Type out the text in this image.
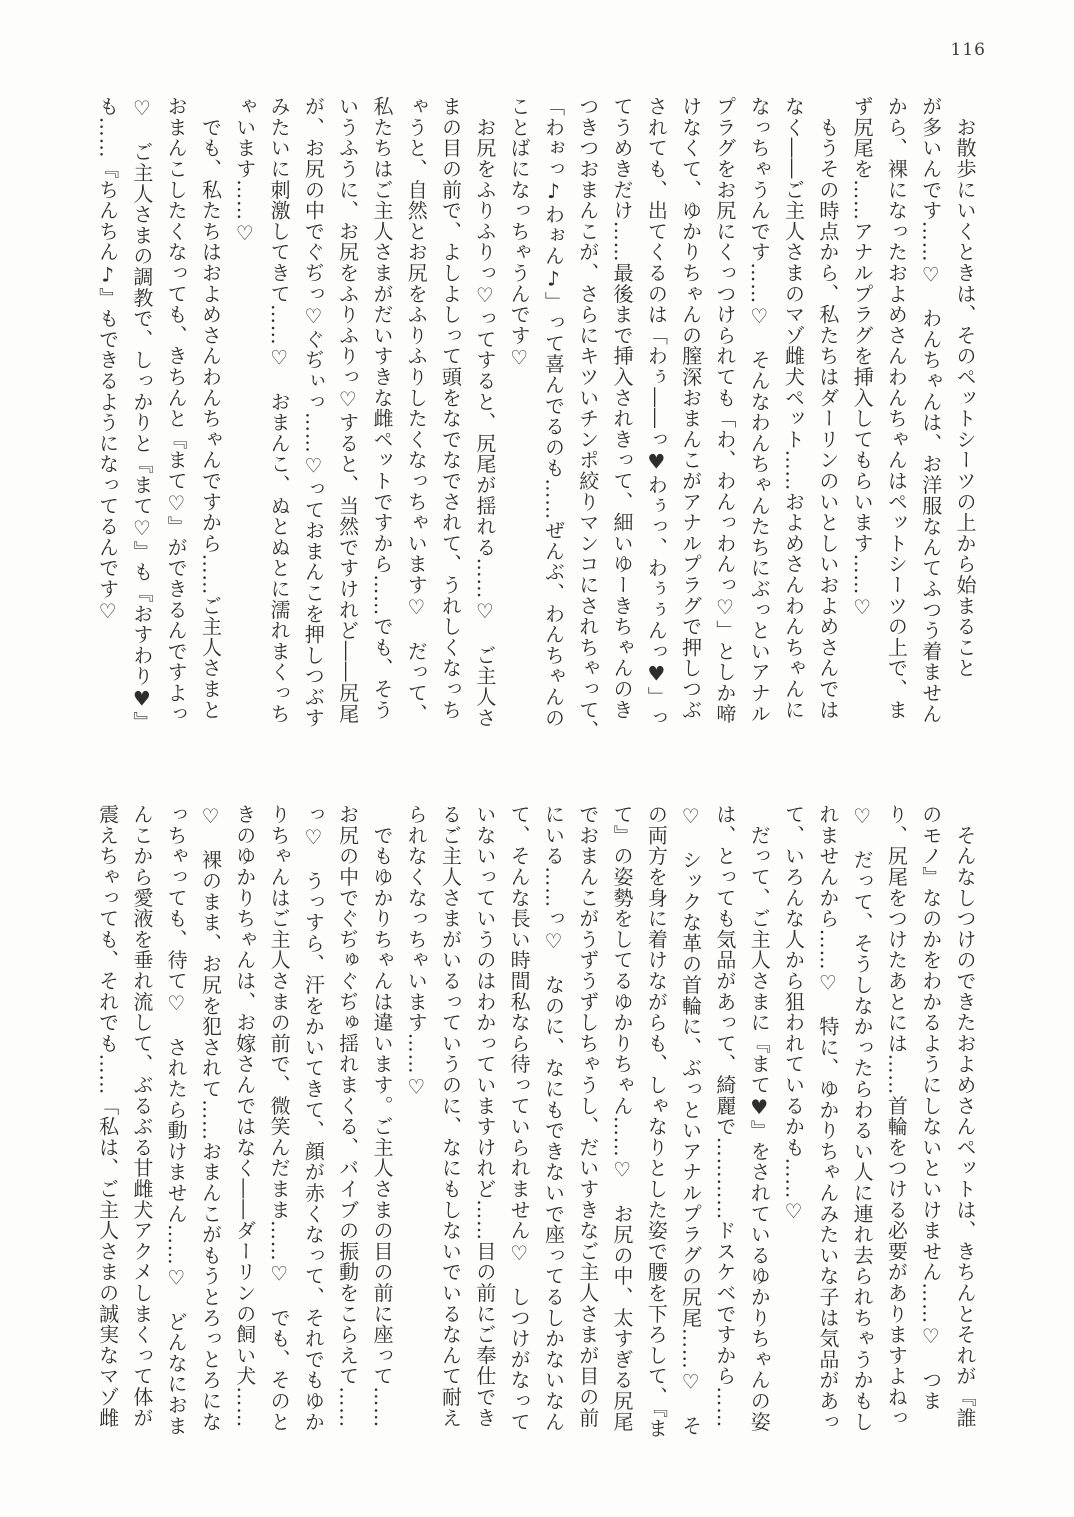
116
　お散歩にいくときは、そのペットシーツの上から始まること
が多いんです……♡　わんちゃんは、お洋服なんてふつう着ません
から、裸になったおよめさんわんちゃんはペットシーツの上で、ま
ず尻尾を……アナルプラグを挿入してもらいます……♡
　もうその時点から、私たちはダーリンのいとしいおよめさんでは
なく――ご主人さまのマゾ雌犬ペット……およめさんわんちゃんに
なっちゃうんです……♡　そんなわんちゃんたちにぶっといアナル
プラグをお尻にくっつけられても「わ、わんっわんっ♡」としか啼
けなくて、ゆかりちゃんの膣深おまんこがアナルプラグで押しつぶ
されても、出てくるのは「わぅ――っ♥わぅっ、わぅぅんっ♥」っ
てうめきだけ……最後まで挿入されきって、細いゆーきちゃんのき
つきつおまんこが、さらにキツいチンポ絞りマンコにされちゃって、
「わぉっ♪わぉん♪」って喜んでるのも……ぜんぶ、わんちゃんの
ことばになっちゃうんです♡
　お尻をふりふりっ♡ってすると、尻尾が揺れる……♡　ご主人さ
まの目の前で、よしよしって頭をなでなでされて、うれしくなっち
ゃうと、自然とお尻をふりふりしたくなっちゃいます♡　だって、
私たちはご主人さまがだいすきな雌ペットですから……でも、そう
いうふうに、お尻をふりふりっ♡すると、当然ですけれど――尻尾
が、お尻の中でぐぢっ♡ぐぢぃっ……♡っておまんこを押しつぶす
みたいに刺激してきて……♡　おまんこ、ぬとぬとに濡れまくっち
ゃいます……♡
　でも、私たちはおよめさんわんちゃんですから……ご主人さまと
おまんこしたくなっても、きちんと『まて♡』ができるんですよっ
♡　ご主人さまの調教で、しっかりと『まて♡』も『おすわり♥』
も……『ちんちん♪』もできるようになってるんです♡
　そんなしつけのできたおよめさんペットは、きちんとそれが『誰
のモノ』なのかをわかるようにしないといけません……♡　つま
り、尻尾をつけたあとには……首輪をつける必要がありますよねっ
♡　だって、そうしなかったらわるい人に連れ去られちゃうかもし
れませんから……♡　特に、ゆかりちゃんみたいな子は気品があっ
て、いろんな人から狙われているかも……♡
　だって、ご主人さまに『まて♥』をされているゆかりちゃんの姿
は、とっても気品があって、綺麗で…………ドスケベですから……
♡　シックな革の首輪に、ぶっといアナルプラグの尻尾……♡　そ
の両方を身に着けながらも、しゃなりとした姿で腰を下ろして、『ま
て』の姿勢をしてるゆかりちゃん……♡　お尻の中、太すぎる尻尾
でおまんこがうずうずしちゃうし、だいすきなご主人さまが目の前
にいる……っ♡　なのに、なにもできないで座ってるしかないなん
て、そんな長い時間私なら待っていられません♡　しつけがなって
いないっていうのはわかっていますけれど……目の前にご奉仕でき
るご主人さまがいるっていうのに、なにもしないでいるなんて耐え
られなくなっちゃいます……♡
　でもゆかりちゃんは違います。ご主人さまの目の前に座って……
お尻の中でぐぢゅぐぢゅ揺れまくる、バイブの振動をこらえて……
っ♡　うっすら、汗をかいてきて、顔が赤くなって、それでもゆか
りちゃんはご主人さまの前で、微笑んだまま……♡　でも、そのと
きのゆかりちゃんは、お嫁さんではなく――ダーリンの飼い犬……
♡　裸のまま、お尻を犯されて……おまんこがもうとろっとろにな
っちゃっても、待て♡　されたら動けません……♡　どんなにおま
んこから愛液を垂れ流して、ぶるぶる甘雌犬アクメしまくって体が
震えちゃっても、それでも……「私は、ご主人さまの誠実なマゾ雌
